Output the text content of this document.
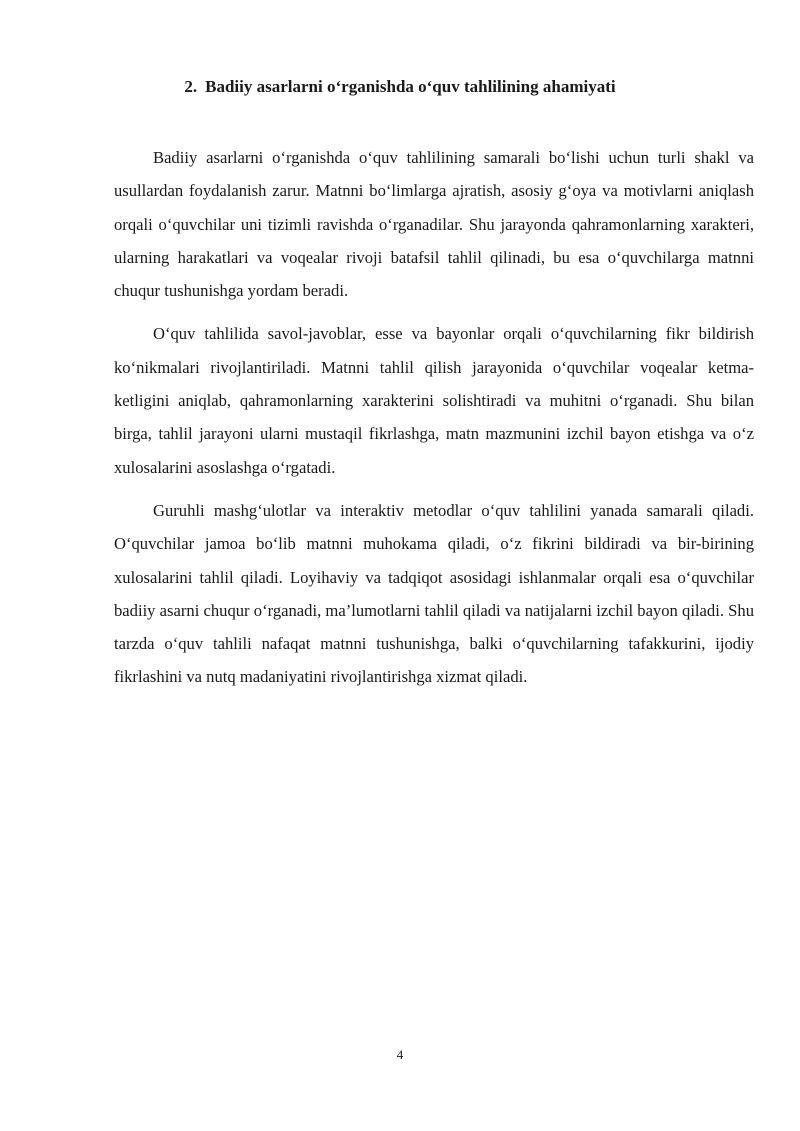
2. Badiiy asarlarni o‘rganishda o‘quv tahlilining ahamiyati

Badiiy asarlarni o‘rganishda o‘quv tahlilining samarali bo‘lishi uchun turli shakl va usullardan foydalanish zarur. Matnni bo‘limlarga ajratish, asosiy g‘oya va motivlarni aniqlash orqali o‘quvchilar uni tizimli ravishda o‘rganadilar. Shu jarayonda qahramonlarning xarakteri, ularning harakatlari va voqealar rivoji batafsil tahlil qilinadi, bu esa o‘quvchilarga matnni chuqur tushunishga yordam beradi.

O‘quv tahlilida savol-javoblar, esse va bayonlar orqali o‘quvchilarning fikr bildirish ko‘nikmalari rivojlantiriladi. Matnni tahlil qilish jarayonida o‘quvchilar voqealar ketma-ketligini aniqlab, qahramonlarning xarakterini solishtiradi va muhitni o‘rganadi. Shu bilan birga, tahlil jarayoni ularni mustaqil fikrlashga, matn mazmunini izchil bayon etishga va o‘z xulosalarini asoslashga o‘rgatadi.

Guruhli mashg‘ulotlar va interaktiv metodlar o‘quv tahlilini yanada samarali qiladi. O‘quvchilar jamoa bo‘lib matnni muhokama qiladi, o‘z fikrini bildiradi va bir-birining xulosalarini tahlil qiladi. Loyihaviy va tadqiqot asosidagi ishlanmalar orqali esa o‘quvchilar badiiy asarni chuqur o‘rganadi, ma’lumotlarni tahlil qiladi va natijalarni izchil bayon qiladi. Shu tarzda o‘quv tahlili nafaqat matnni tushunishga, balki o‘quvchilarning tafakkurini, ijodiy fikrlashini va nutq madaniyatini rivojlantirishga xizmat qiladi.

4
